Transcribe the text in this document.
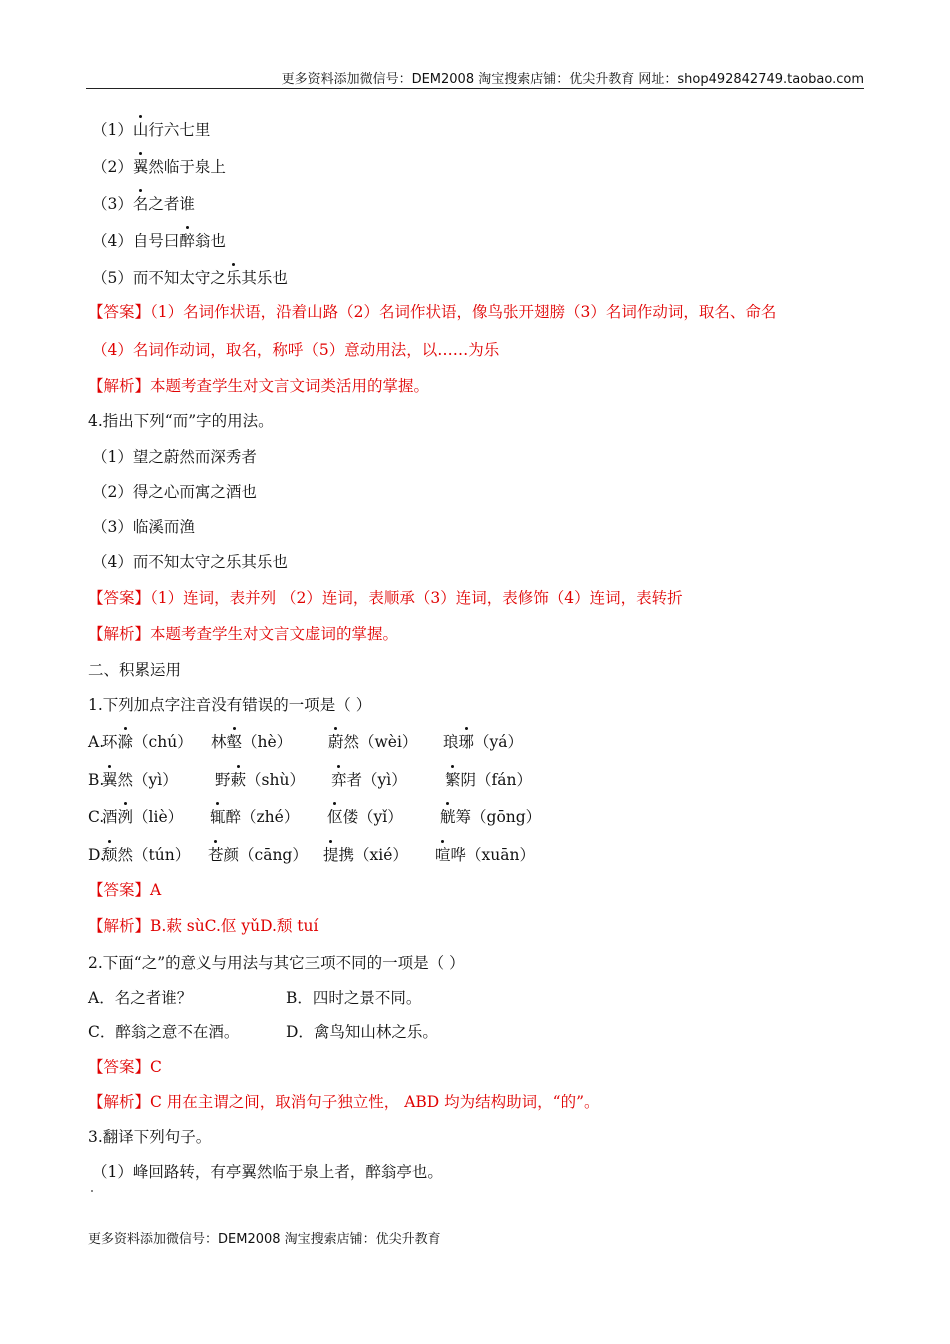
更多资料添加微信号：DEM2008 淘宝搜索店铺：优尖升教育 网址：shop492842749.taobao.com
（1）山行六七里
（2）翼然临于泉上
（3）名之者谁
（4）自号曰醉翁也
（5）而不知太守之乐其乐也
【答案】（1）名词作状语，沿着山路（2）名词作状语，像鸟张开翅膀（3）名词作动词，取名、命名
（4）名词作动词，取名，称呼（5）意动用法，以……为乐
【解析】本题考查学生对文言文词类活用的掌握。
4.指出下列“而”字的用法。
（1）望之蔚然而深秀者
（2）得之心而寓之酒也
（3）临溪而渔
（4）而不知太守之乐其乐也
【答案】（1）连词，表并列 （2）连词，表顺承（3）连词，表修饰（4）连词，表转折
【解析】本题考查学生对文言文虚词的掌握。
二、积累运用
1.下列加点字注音没有错误的一项是（ ）
A.
环滁（chú） 林壑（hè） 蔚然（wèi） 琅琊（yá）
B.
翼然（yì） 野蔌（shù） 弈者（yì） 繁阴（fán）
C.
酒洌（liè） 辄醉（zhé） 伛偻（yǐ） 觥筹（gōng）
D.
颓然（tún） 苍颜（cāng） 提携（xié） 喧哗（xuān）
【答案】A
【解析】B.蔌 sùC.伛 yǔD.颓 tuí
2.下面“之”的意义与用法与其它三项不同的一项是（ ）
A．名之者谁？	B．四时之景不同。
C．醉翁之意不在酒。	D．禽鸟知山林之乐。
【答案】C
【解析】C 用在主谓之间，取消句子独立性， ABD 均为结构助词，“的”。
3.翻译下列句子。
（1）峰回路转，有亭翼然临于泉上者，醉翁亭也。
更多资料添加微信号：DEM2008 淘宝搜索店铺：优尖升教育
